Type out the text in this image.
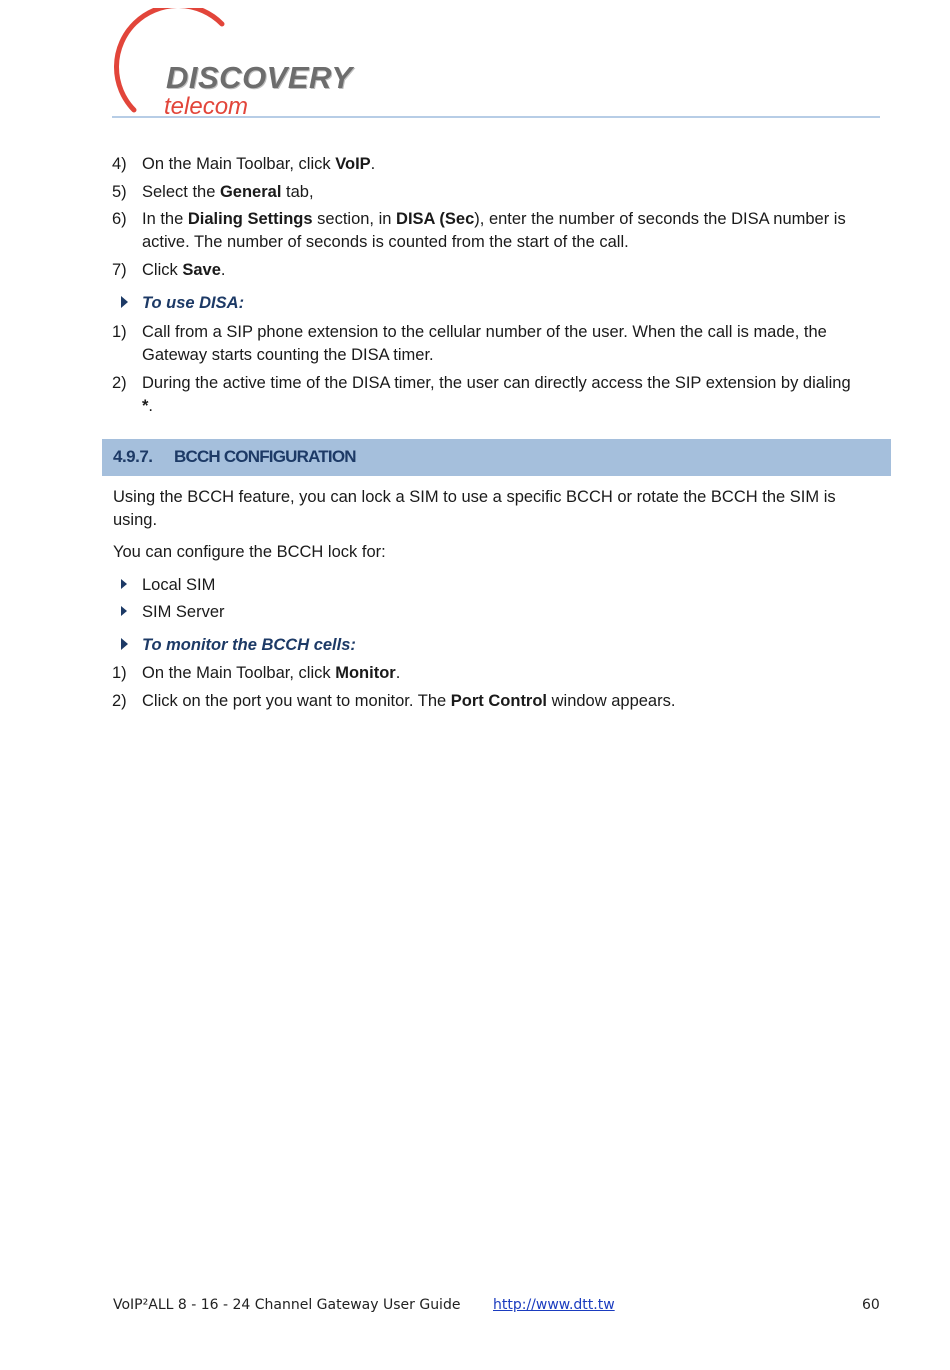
DISCOVERY
telecom
4) On the Main Toolbar, click VoIP.
5) Select the General tab,
6) In the Dialing Settings section, in DISA (Sec), enter the number of seconds the DISA number is
active. The number of seconds is counted from the start of the call.
7) Click Save.
To use DISA:
1) Call from a SIP phone extension to the cellular number of the user. When the call is made, the
Gateway starts counting the DISA timer.
2) During the active time of the DISA timer, the user can directly access the SIP extension by dialing
*.
4.9.7. BCCH CONFIGURATION
Using the BCCH feature, you can lock a SIM to use a specific BCCH or rotate the BCCH the SIM is
using.
You can configure the BCCH lock for:
Local SIM
SIM Server
To monitor the BCCH cells:
1) On the Main Toolbar, click Monitor.
2) Click on the port you want to monitor. The Port Control window appears.
VoIP²ALL 8 - 16 - 24 Channel Gateway User Guide http://www.dtt.tw	60
